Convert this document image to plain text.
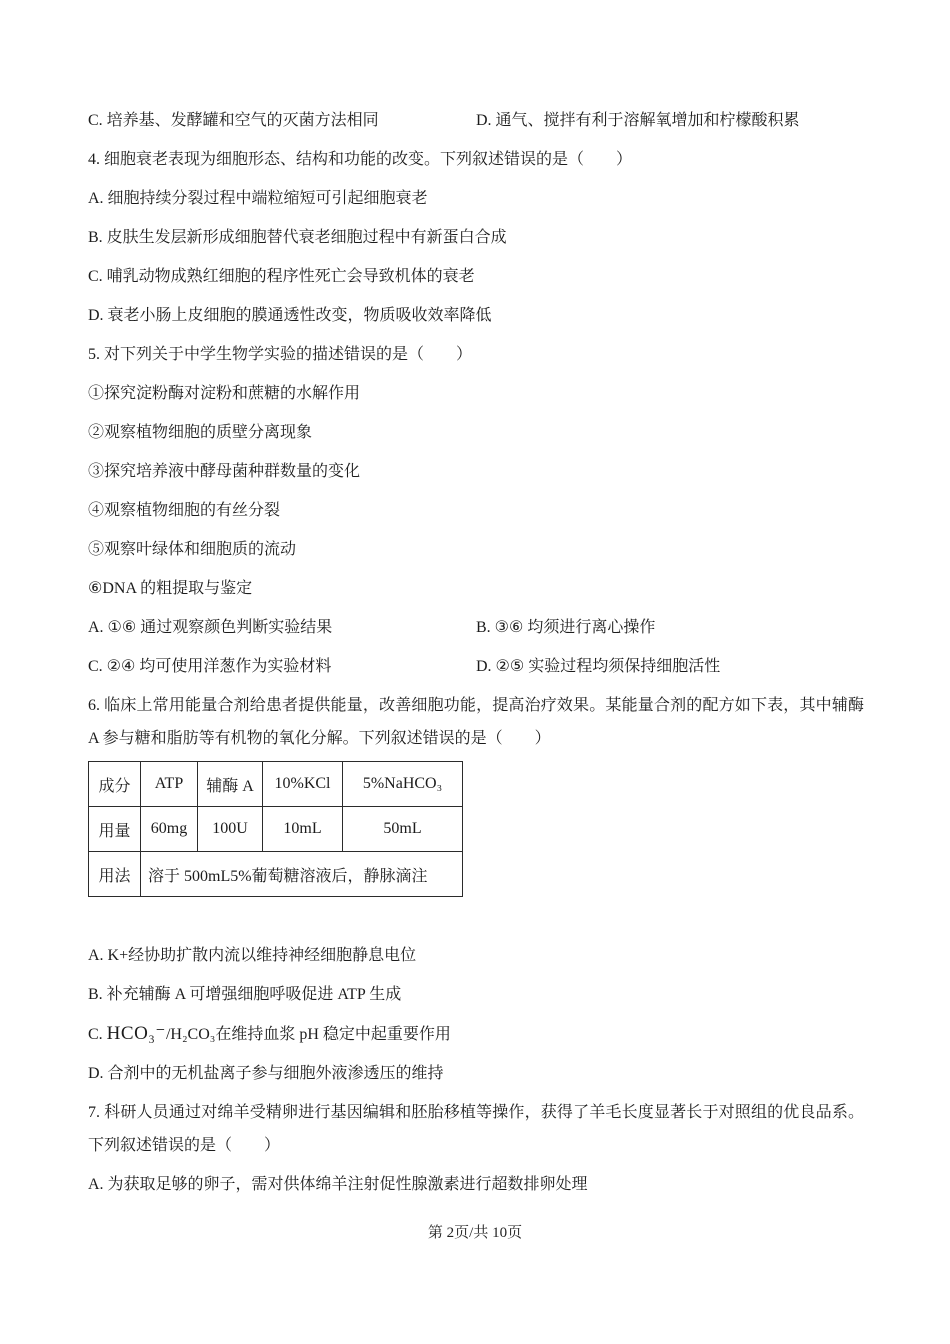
C. 培养基、发酵罐和空气的灭菌方法相同	D. 通气、搅拌有利于溶解氧增加和柠檬酸积累
4. 细胞衰老表现为细胞形态、结构和功能的改变。下列叙述错误的是（　　）
A. 细胞持续分裂过程中端粒缩短可引起细胞衰老
B. 皮肤生发层新形成细胞替代衰老细胞过程中有新蛋白合成
C. 哺乳动物成熟红细胞的程序性死亡会导致机体的衰老
D. 衰老小肠上皮细胞的膜通透性改变，物质吸收效率降低
5. 对下列关于中学生物学实验的描述错误的是（　　）
①探究淀粉酶对淀粉和蔗糖的水解作用
②观察植物细胞的质壁分离现象
③探究培养液中酵母菌种群数量的变化
④观察植物细胞的有丝分裂
⑤观察叶绿体和细胞质的流动
⑥DNA 的粗提取与鉴定
A. ①⑥ 通过观察颜色判断实验结果	B. ③⑥ 均须进行离心操作
C. ②④ 均可使用洋葱作为实验材料	D. ②⑤ 实验过程均须保持细胞活性
6. 临床上常用能量合剂给患者提供能量，改善细胞功能，提高治疗效果。某能量合剂的配方如下表，其中辅酶 A 参与糖和脂肪等有机物的氧化分解。下列叙述错误的是（　　）
成分	ATP	辅酶 A	10%KCl	5%NaHCO₃
用量	60mg	100U	10mL	50mL
用法	溶于 500mL5%葡萄糖溶液后，静脉滴注			
A. K+经协助扩散内流以维持神经细胞静息电位
B. 补充辅酶 A 可增强细胞呼吸促进 ATP 生成
C. HCO₃⁻/H₂CO₃在维持血浆 pH 稳定中起重要作用
D. 合剂中的无机盐离子参与细胞外液渗透压的维持
7. 科研人员通过对绵羊受精卵进行基因编辑和胚胎移植等操作，获得了羊毛长度显著长于对照组的优良品系。下列叙述错误的是（　　）
A. 为获取足够的卵子，需对供体绵羊注射促性腺激素进行超数排卵处理
第 2页/共 10页
